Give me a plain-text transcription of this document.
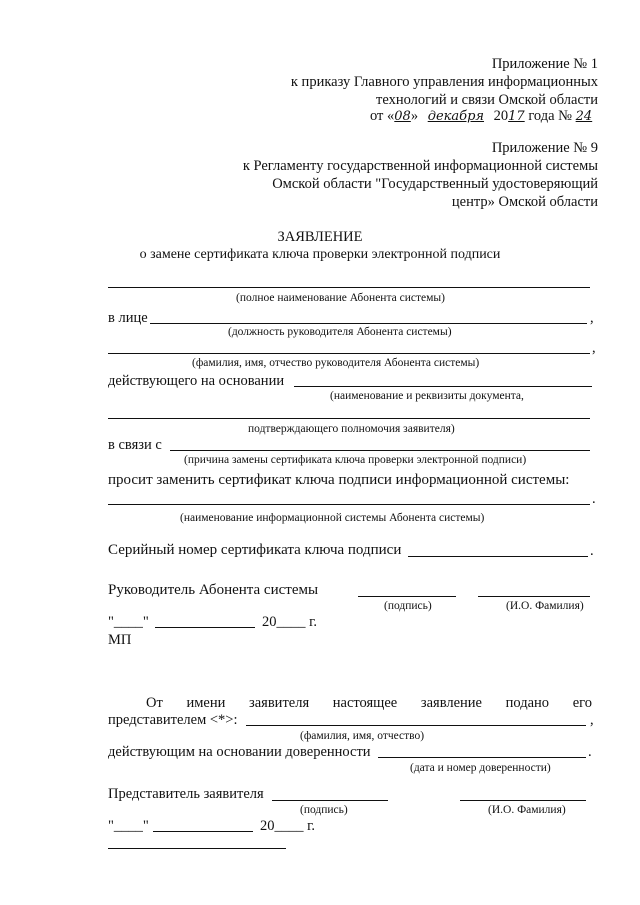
Приложение № 1
к приказу Главного управления информационных
технологий и связи Омской области
от «08» декабря 2017 года № 24
Приложение № 9
к Регламенту государственной информационной системы
Омской области "Государственный удостоверяющий
центр» Омской области
ЗАЯВЛЕНИЕ
о замене сертификата ключа проверки электронной подписи
(полное наименование Абонента системы)
в лице	,
(должность руководителя Абонента системы)
,
(фамилия, имя, отчество руководителя Абонента системы)
действующего на основании
(наименование и реквизиты документа,
подтверждающего полномочия заявителя)
в связи с
(причина замены сертификата ключа проверки электронной подписи)
просит заменить сертификат ключа подписи информационной системы:
.
(наименование информационной системы Абонента системы)
Серийный номер сертификата ключа подписи	.
Руководитель Абонента системы
(подпись)	(И.О. Фамилия)
"____"	20____ г.
МП
От имени заявителя настоящее заявление подано его
представителем <*>:	,
(фамилия, имя, отчество)
действующим на основании доверенности	.
(дата и номер доверенности)
Представитель заявителя
(подпись)	(И.О. Фамилия)
"____"	20____ г.
